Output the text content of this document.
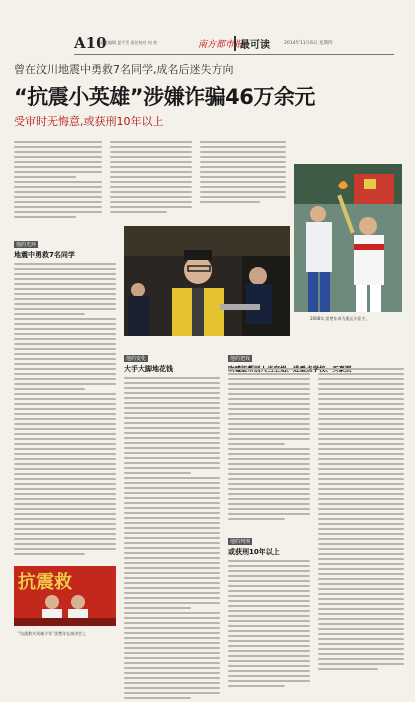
A10
责任编辑 夏千雪 责任校对 何 欢	南方都市报
最可读	2014年11月6日 星期四
曾在汶川地震中勇救7名同学,成名后迷失方向
“抗震小英雄”涉嫌诈骗46万余元
受审时无悔意,或获刑10年以上
2008年,雷楚年成为奥运火炬手。
他的光环
地震中勇救7名同学
他的变化
大手大脚地花钱
他的把戏
他的判刑
或获刑10年以上
抗震救
“抗震救灾英雄少年”雷楚年在演讲会上
